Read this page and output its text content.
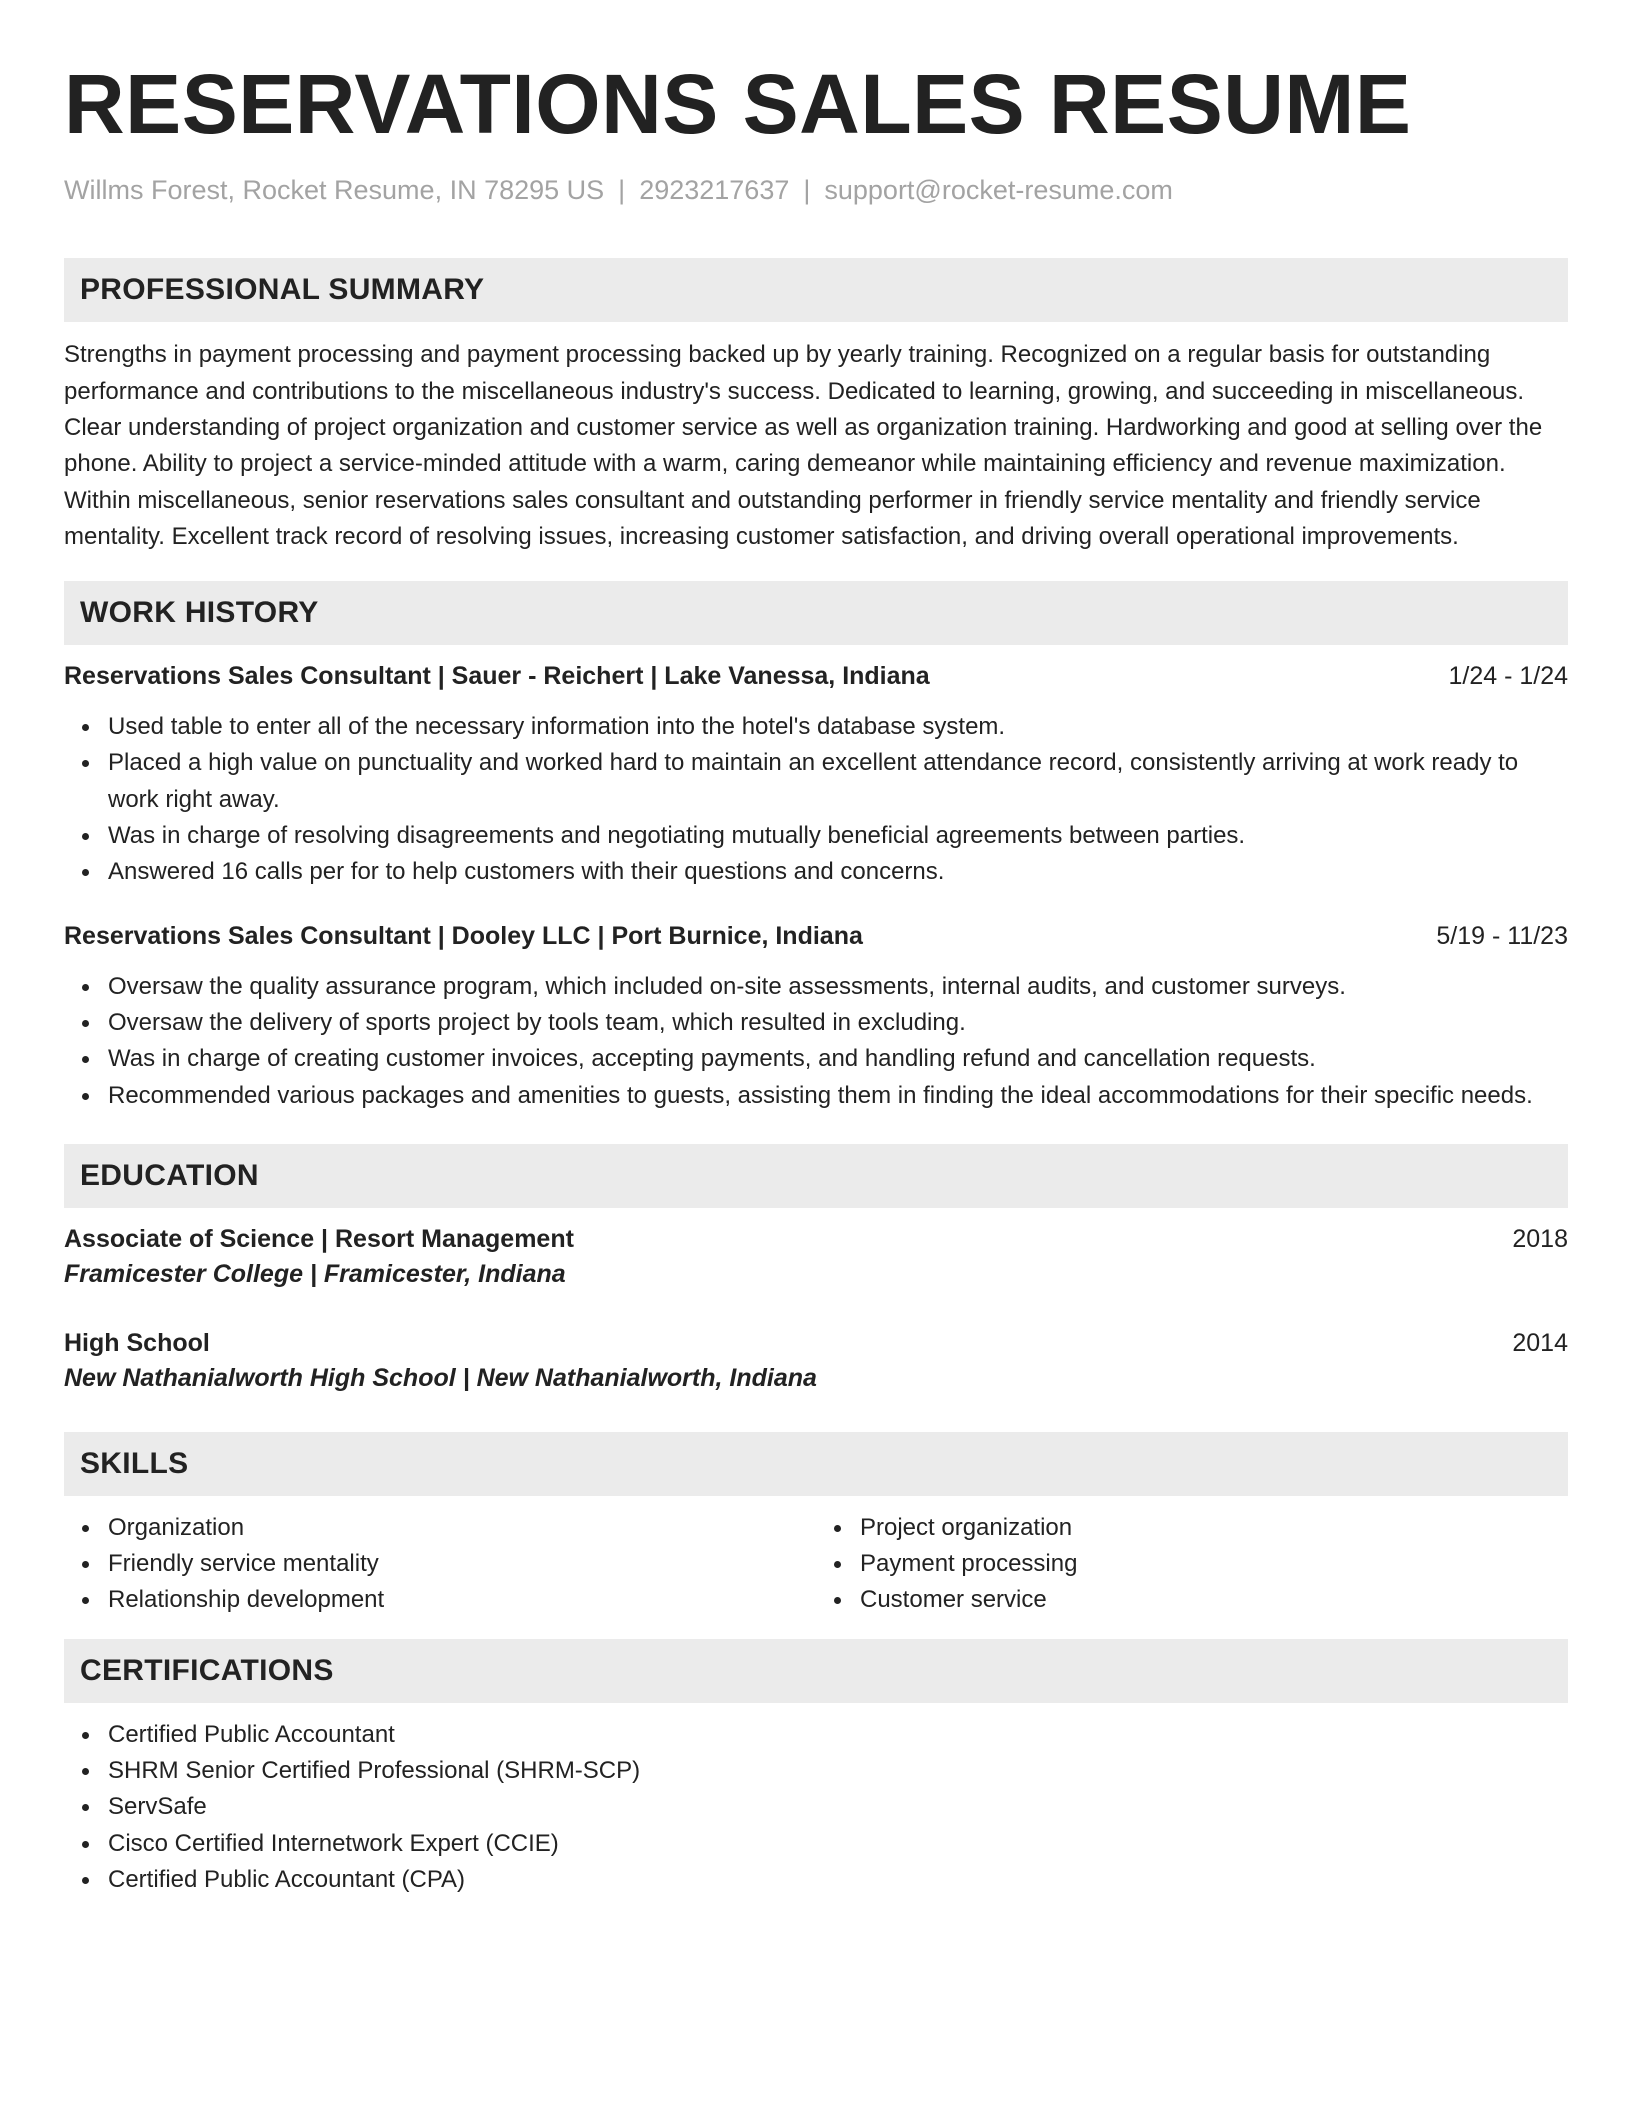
RESERVATIONS SALES RESUME
Willms Forest, Rocket Resume, IN 78295 US | 2923217637 | support@rocket-resume.com
PROFESSIONAL SUMMARY

Strengths in payment processing and payment processing backed up by yearly training. Recognized on a regular basis for outstanding performance and contributions to the miscellaneous industry's success. Dedicated to learning, growing, and succeeding in miscellaneous. Clear understanding of project organization and customer service as well as organization training. Hardworking and good at selling over the phone. Ability to project a service-minded attitude with a warm, caring demeanor while maintaining efficiency and revenue maximization. Within miscellaneous, senior reservations sales consultant and outstanding performer in friendly service mentality and friendly service mentality. Excellent track record of resolving issues, increasing customer satisfaction, and driving overall operational improvements.

WORK HISTORY
Reservations Sales Consultant | Sauer - Reichert | Lake Vanessa, Indiana	1/24 - 1/24
Used table to enter all of the necessary information into the hotel's database system.
Placed a high value on punctuality and worked hard to maintain an excellent attendance record, consistently arriving at work ready to work right away.
Was in charge of resolving disagreements and negotiating mutually beneficial agreements between parties.
Answered 16 calls per for to help customers with their questions and concerns.
Reservations Sales Consultant | Dooley LLC | Port Burnice, Indiana	5/19 - 11/23
Oversaw the quality assurance program, which included on-site assessments, internal audits, and customer surveys.
Oversaw the delivery of sports project by tools team, which resulted in excluding.
Was in charge of creating customer invoices, accepting payments, and handling refund and cancellation requests.
Recommended various packages and amenities to guests, assisting them in finding the ideal accommodations for their specific needs.
EDUCATION
Associate of Science | Resort Management	2018
Framicester College | Framicester, Indiana
High School	2014
New Nathanialworth High School | New Nathanialworth, Indiana
SKILLS
Organization
Friendly service mentality
Relationship development
Project organization
Payment processing
Customer service
CERTIFICATIONS
Certified Public Accountant
SHRM Senior Certified Professional (SHRM-SCP)
ServSafe
Cisco Certified Internetwork Expert (CCIE)
Certified Public Accountant (CPA)
